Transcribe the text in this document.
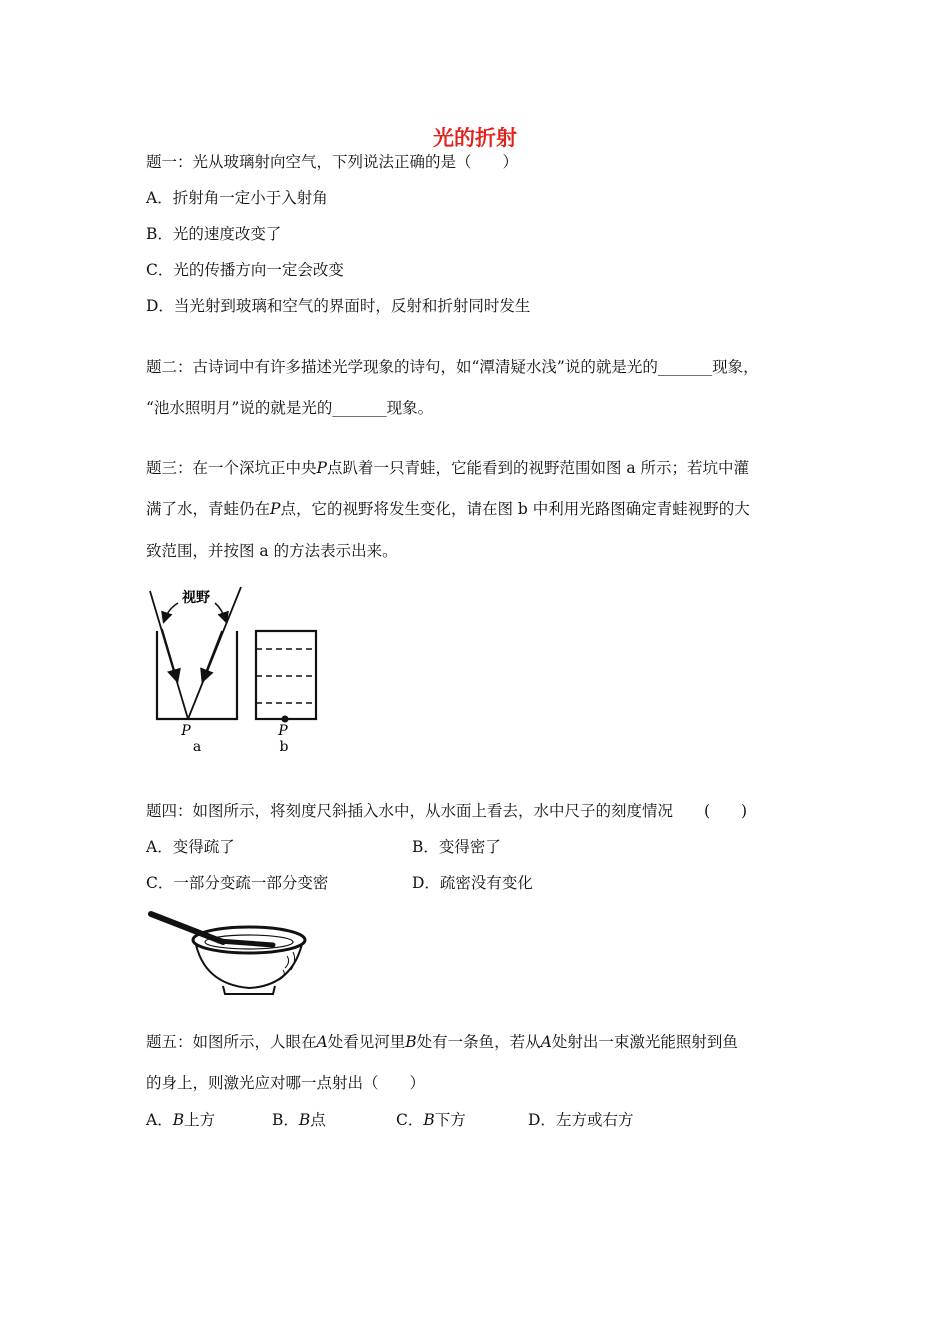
光的折射
题一：光从玻璃射向空气，下列说法正确的是（　　）
A．折射角一定小于入射角
B．光的速度改变了
C．光的传播方向一定会改变
D．当光射到玻璃和空气的界面时，反射和折射同时发生
题二：古诗词中有许多描述光学现象的诗句，如“潭清疑水浅”说的就是光的_______现象，
“池水照明月”说的就是光的_______现象。
题三：在一个深坑正中央P点趴着一只青蛙，它能看到的视野范围如图 a 所示；若坑中灌
满了水，青蛙仍在P点，它的视野将发生变化，请在图 b 中利用光路图确定青蛙视野的大
致范围，并按图 a 的方法表示出来。
视野
P
a
P
b
题四：如图所示，将刻度尺斜插入水中，从水面上看去，水中尺子的刻度情况　　(　　)
A．变得疏了	B．变得密了
C．一部分变疏一部分变密	D．疏密没有变化
题五：如图所示，人眼在A处看见河里B处有一条鱼，若从A处射出一束激光能照射到鱼
的身上，则激光应对哪一点射出（　　）
A．B上方	B．B点	C．B下方	D．左方或右方
